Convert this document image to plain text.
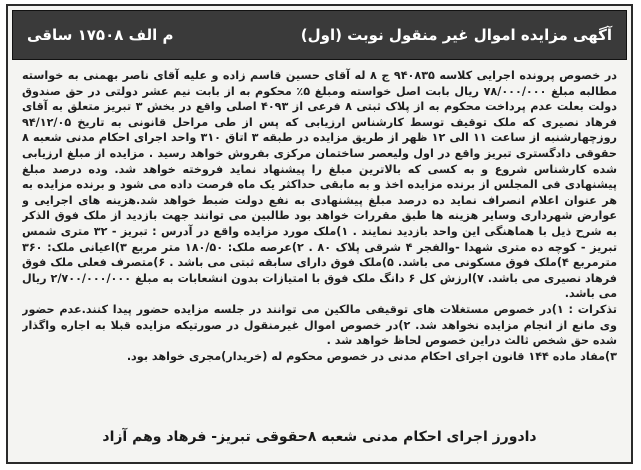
م الف ۱۷۵۰۸ ساقی	آگهی مزایده اموال غیر منقول نوبت (اول)

در خصوص پرونده اجرایی کلاسه ۹۴۰۸۳۵ ج ۸ له آقای حسین قاسم زاده و علیه آقای ناصر بهمنی به خواسته مطالبه مبلغ ۷۸/۰۰۰/۰۰۰ ریال بابت اصل خواسته ومبلغ ۵٪ محکوم به از بابت نیم عشر دولتی در حق صندوق دولت بعلت عدم پرداخت محکوم به از پلاک ثبتی ۸ فرعی از ۴۰۹۳ اصلی واقع در بخش ۳ تبریز متعلق به آقای فرهاد نصیری که ملک توقیف توسط کارشناس ارزیابی که پس از طی مراحل قانونی به تاریخ ۹۴/۱۲/۰۵ روزچهارشنبه از ساعت ۱۱ الی ۱۲ ظهر از طریق مزایده در طبقه ۳ اتاق ۳۱۰ واحد اجرای احکام مدنی شعبه ۸ حقوقی دادگستری تبریز واقع در اول ولیعصر ساختمان مرکزی بفروش خواهد رسید . مزایده از مبلغ ارزیابی شده کارشناس شروع و به کسی که بالاترین مبلغ را پیشنهاد نماید فروخته خواهد شد. وده درصد مبلغ پیشنهادی فی المجلس از برنده مزایده اخذ و به مابقی حداکثر یک ماه فرصت داده می شود و برنده مزایده به هر عنوان اعلام انصراف نماید ده درصد مبلغ پیشنهادی به نفع دولت ضبط خواهد شد.هزینه های اجرایی و عوارض شهرداری وسایر هزینه ها طبق مقررات خواهد بود طالبین می توانند جهت بازدید از ملک فوق الذکر به شرح ذیل با هماهنگی این واحد بازدید نمایند . ۱)ملک مورد مزایده واقع در آدرس : تبریز - ۳۲ متری شمس تبریز - کوچه ده متری شهدا -والفجر ۴ شرقی پلاک ۸۰ . ۲)عرصه ملک: ۱۸۰/۵۰ متر مربع ۳)اعیانی ملک: ۳۶۰ مترمربع ۴)ملک فوق مسکونی می باشد. ۵)ملک فوق دارای سابقه ثبتی می باشد . ۶)متصرف فعلی ملک فوق فرهاد نصیری می باشد. ۷)ارزش کل ۶ دانگ ملک فوق با امتیازات بدون انشعابات به مبلغ ۲/۷۰۰/۰۰۰/۰۰۰ ریال می باشد.

تذکرات : ۱)در خصوص مستغلات های توقیفی مالکین می توانند در جلسه مزایده حضور پیدا کنند.عدم حضور وی مانع از انجام مزایده نخواهد شد. ۲)در خصوص اموال غیرمنقول در صورتیکه مزایده قبلا به اجاره واگذار شده حق شخص ثالث دراین خصوص لحاظ خواهد شد .

۳)مفاد ماده ۱۴۴ قانون اجرای احکام مدنی در خصوص محکوم له (خریدار)مجری خواهد بود.

دادورز اجرای احکام مدنی شعبه ۸حقوقی تبریز- فرهاد وهم آزاد
